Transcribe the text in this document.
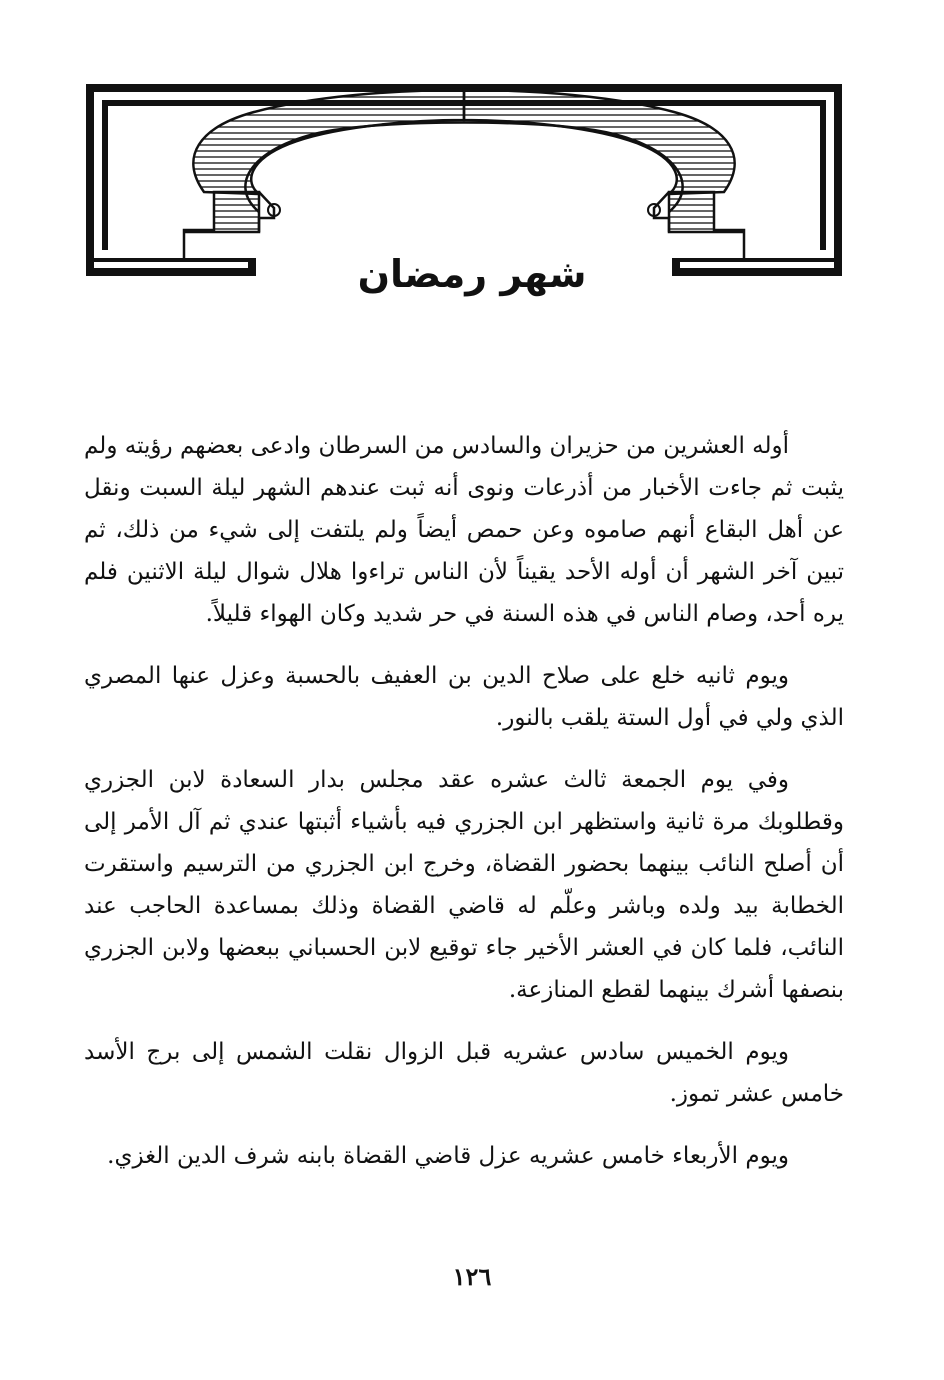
شهر رمضان

أوله العشرين من حزيران والسادس من السرطان وادعى بعضهم رؤيته ولم يثبت ثم جاءت الأخبار من أذرعات ونوى أنه ثبت عندهم الشهر ليلة السبت ونقل عن أهل البقاع أنهم صاموه وعن حمص أيضاً ولم يلتفت إلى شيء من ذلك، ثم تبين آخر الشهر أن أوله الأحد يقيناً لأن الناس تراءوا هلال شوال ليلة الاثنين فلم يره أحد، وصام الناس في هذه السنة في حر شديد وكان الهواء قليلاً.

ويوم ثانيه خلع على صلاح الدين بن العفيف بالحسبة وعزل عنها المصري الذي ولي في أول الستة يلقب بالنور.

وفي يوم الجمعة ثالث عشره عقد مجلس بدار السعادة لابن الجزري وقطلوبك مرة ثانية واستظهر ابن الجزري فيه بأشياء أثبتها عندي ثم آل الأمر إلى أن أصلح النائب بينهما بحضور القضاة، وخرج ابن الجزري من الترسيم واستقرت الخطابة بيد ولده وباشر وعلّم له قاضي القضاة وذلك بمساعدة الحاجب عند النائب، فلما كان في العشر الأخير جاء توقيع لابن الحسباني ببعضها ولابن الجزري بنصفها أشرك بينهما لقطع المنازعة.

ويوم الخميس سادس عشريه قبل الزوال نقلت الشمس إلى برج الأسد خامس عشر تموز.

ويوم الأربعاء خامس عشريه عزل قاضي القضاة بابنه شرف الدين الغزي.

١٢٦
